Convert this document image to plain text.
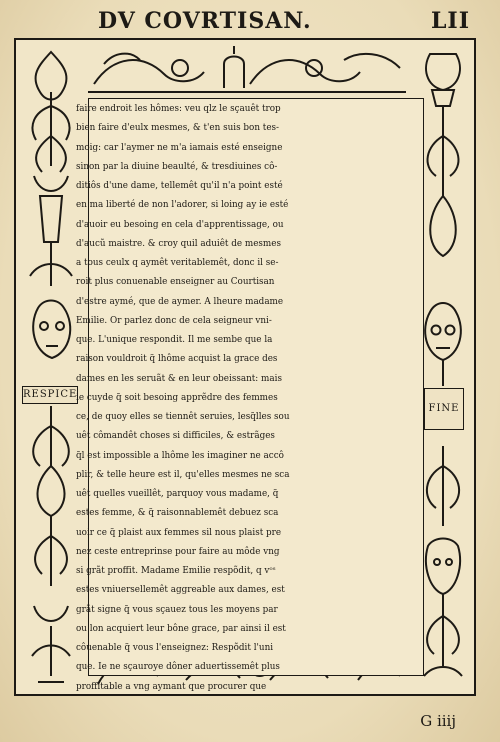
DV COVRTISAN.	LII
RESPICE
FINE
faire endroit les hômes: veu qlz le sçauêt trop
bien faire d'eulx mesmes, & t'en suis bon tes-
moig: car l'aymer ne m'a iamais esté enseigne
sinon par la diuine beaulté, & tresdiuines cô-
ditiôs d'une dame, tellemêt qu'il n'a point esté
en ma liberté de non l'adorer, si loing ay ie esté
d'auoir eu besoing en cela d'apprentissage, ou
d'aucũ maistre. & croy quil aduiêt de mesmes
a tous ceulx q aymêt veritablemêt, donc il se-
roit plus conuenable enseigner au Courtisan
d'estre aymé, que de aymer. A lheure madame
Emilie. Or parlez donc de cela seigneur vni-
que. L'unique respondit. Il me sembe que la
raison vouldroit q̃ lhôme acquist la grace des
dames en les seruãt & en leur obeissant: mais
ie cuyde q̃ soit besoing apprẽdre des femmes
ce, de quoy elles se tiennêt seruies, lesq̃lles sou
uêt cômandêt choses si difficiles, & estrãges
q̃l est impossible a lhôme les imaginer ne accô
plir, & telle heure est il, qu'elles mesmes ne sca
uêt quelles vueillêt, parquoy vous madame, q̃
estes femme, & q̃ raisonnablemêt debuez sca
uoir ce q̃ plaist aux femmes sil nous plaist pre
nez ceste entreprinse pour faire au môde vng
si grãt proffit. Madame Emilie respõdit, q vᵒˢ
estes vniuersellemêt aggreable aux dames, est
grãt signe q̃ vous sçauez tous les moyens par
ou lon acquiert leur bône grace, par ainsi il est
côuenable q̃ vous l'enseignez: Respõdit l'uni
que. Ie ne sçauroye dôner aduertissemêt plus
proffitable a vng aymant que procurer que
G iiij
